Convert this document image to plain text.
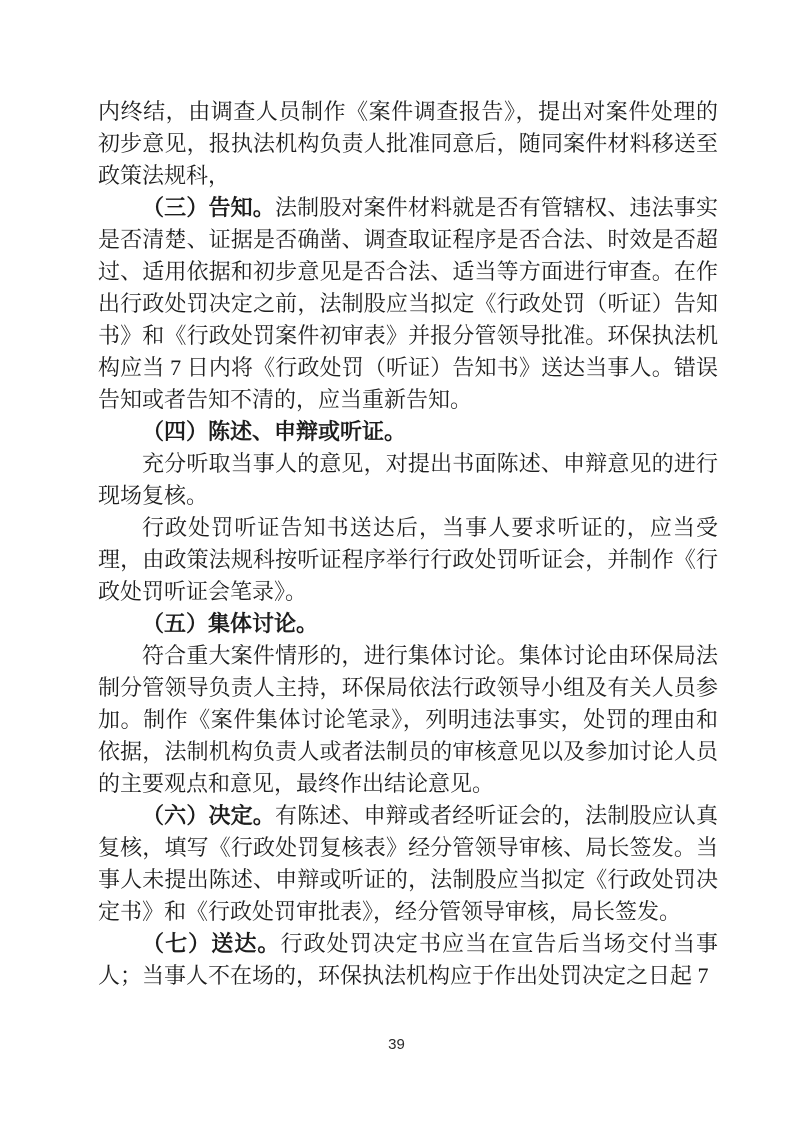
内终结，由调查人员制作《案件调查报告》，提出对案件处理的初步意见，报执法机构负责人批准同意后，随同案件材料移送至政策法规科，

（三）告知。法制股对案件材料就是否有管辖权、违法事实是否清楚、证据是否确凿、调查取证程序是否合法、时效是否超过、适用依据和初步意见是否合法、适当等方面进行审查。在作出行政处罚决定之前，法制股应当拟定《行政处罚（听证）告知书》和《行政处罚案件初审表》并报分管领导批准。环保执法机构应当 7 日内将《行政处罚（听证）告知书》送达当事人。错误告知或者告知不清的，应当重新告知。

（四）陈述、申辩或听证。

充分听取当事人的意见，对提出书面陈述、申辩意见的进行现场复核。

行政处罚听证告知书送达后，当事人要求听证的，应当受理，由政策法规科按听证程序举行行政处罚听证会，并制作《行政处罚听证会笔录》。

（五）集体讨论。

符合重大案件情形的，进行集体讨论。集体讨论由环保局法制分管领导负责人主持，环保局依法行政领导小组及有关人员参加。制作《案件集体讨论笔录》，列明违法事实，处罚的理由和依据，法制机构负责人或者法制员的审核意见以及参加讨论人员的主要观点和意见，最终作出结论意见。

（六）决定。有陈述、申辩或者经听证会的，法制股应认真复核，填写《行政处罚复核表》经分管领导审核、局长签发。当事人未提出陈述、申辩或听证的，法制股应当拟定《行政处罚决定书》和《行政处罚审批表》，经分管领导审核，局长签发。

（七）送达。行政处罚决定书应当在宣告后当场交付当事人；当事人不在场的，环保执法机构应于作出处罚决定之日起 7

39
